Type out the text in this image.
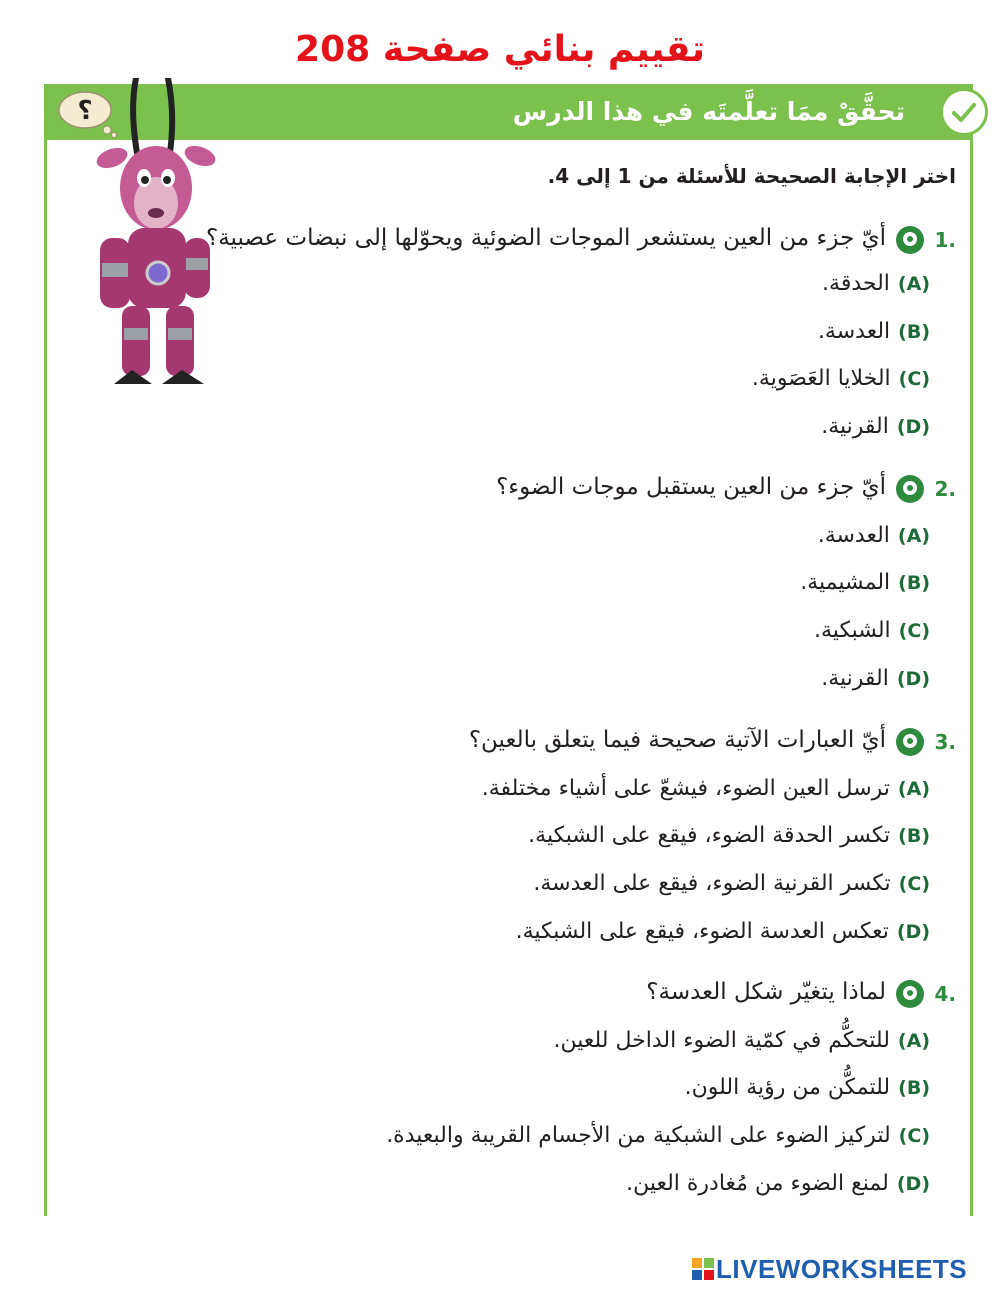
تقييم بنائي صفحة 208
تحقَّقْ ممَا تعلَّمتَه في هذا الدرس
؟
اختر الإجابة الصحيحة للأسئلة من 1 إلى 4.
1.
أيّ جزء من العين يستشعر الموجات الضوئية ويحوّلها إلى نبضات عصبية؟
(A)الحدقة.
(B)العدسة.
(C)الخلايا العَصَوية.
(D)القرنية.
2.
أيّ جزء من العين يستقبل موجات الضوء؟
(A)العدسة.
(B)المشيمية.
(C)الشبكية.
(D)القرنية.
3.
أيّ العبارات الآتية صحيحة فيما يتعلق بالعين؟
(A)ترسل العين الضوء، فيشعّ على أشياء مختلفة.
(B)تكسر الحدقة الضوء، فيقع على الشبكية.
(C)تكسر القرنية الضوء، فيقع على العدسة.
(D)تعكس العدسة الضوء، فيقع على الشبكية.
4.
لماذا يتغيّر شكل العدسة؟
(A)للتحكُّم في كمّية الضوء الداخل للعين.
(B)للتمكُّن من رؤية اللون.
(C)لتركيز الضوء على الشبكية من الأجسام القريبة والبعيدة.
(D)لمنع الضوء من مُغادرة العين.
LIVEWORKSHEETS
